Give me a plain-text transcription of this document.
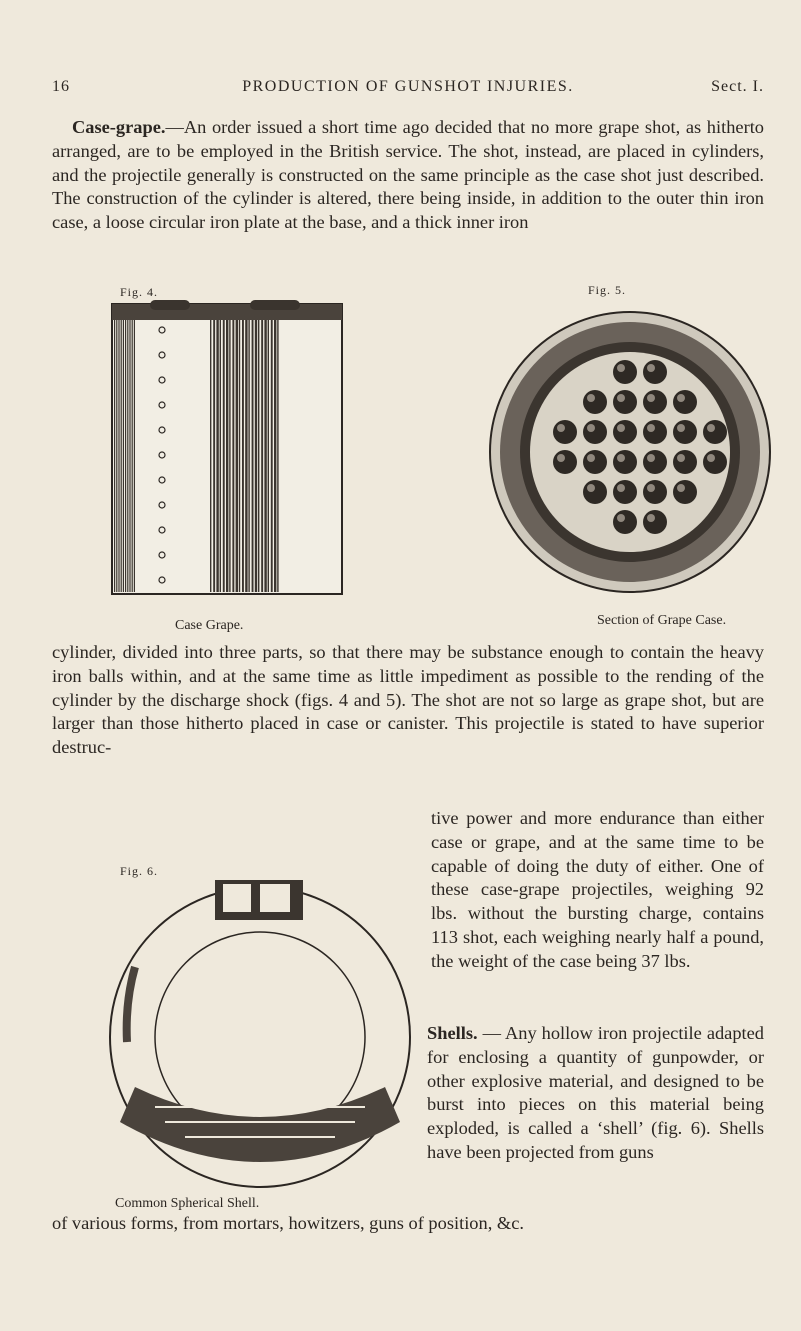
16	PRODUCTION OF GUNSHOT INJURIES.	Sect. I.

Case-grape.—An order issued a short time ago decided that no more grape shot, as hitherto arranged, are to be employed in the British service. The shot, instead, are placed in cylinders, and the projectile generally is constructed on the same principle as the case shot just described. The construction of the cylinder is altered, there being inside, in addition to the outer thin iron case, a loose circular iron plate at the base, and a thick inner iron

Fig. 4.
Case Grape.
Fig. 5.
Section of Grape Case.

cylinder, divided into three parts, so that there may be substance enough to contain the heavy iron balls within, and at the same time as little impediment as possible to the rending of the cylinder by the discharge shock (figs. 4 and 5). The shot are not so large as grape shot, but are larger than those hitherto placed in case or canister. This projectile is stated to have superior destruc-

tive power and more endurance than either case or grape, and at the same time to be capable of doing the duty of either. One of these case-grape projectiles, weighing 92 lbs. without the bursting charge, contains 113 shot, each weighing nearly half a pound, the weight of the case being 37 lbs.

Fig. 6.
Common Spherical Shell.

Shells. — Any hollow iron projectile adapted for enclosing a quantity of gunpowder, or other explosive material, and designed to be burst into pieces on this material being exploded, is called a ‘shell’ (fig. 6). Shells have been projected from guns

of various forms, from mortars, howitzers, guns of position, &c.
